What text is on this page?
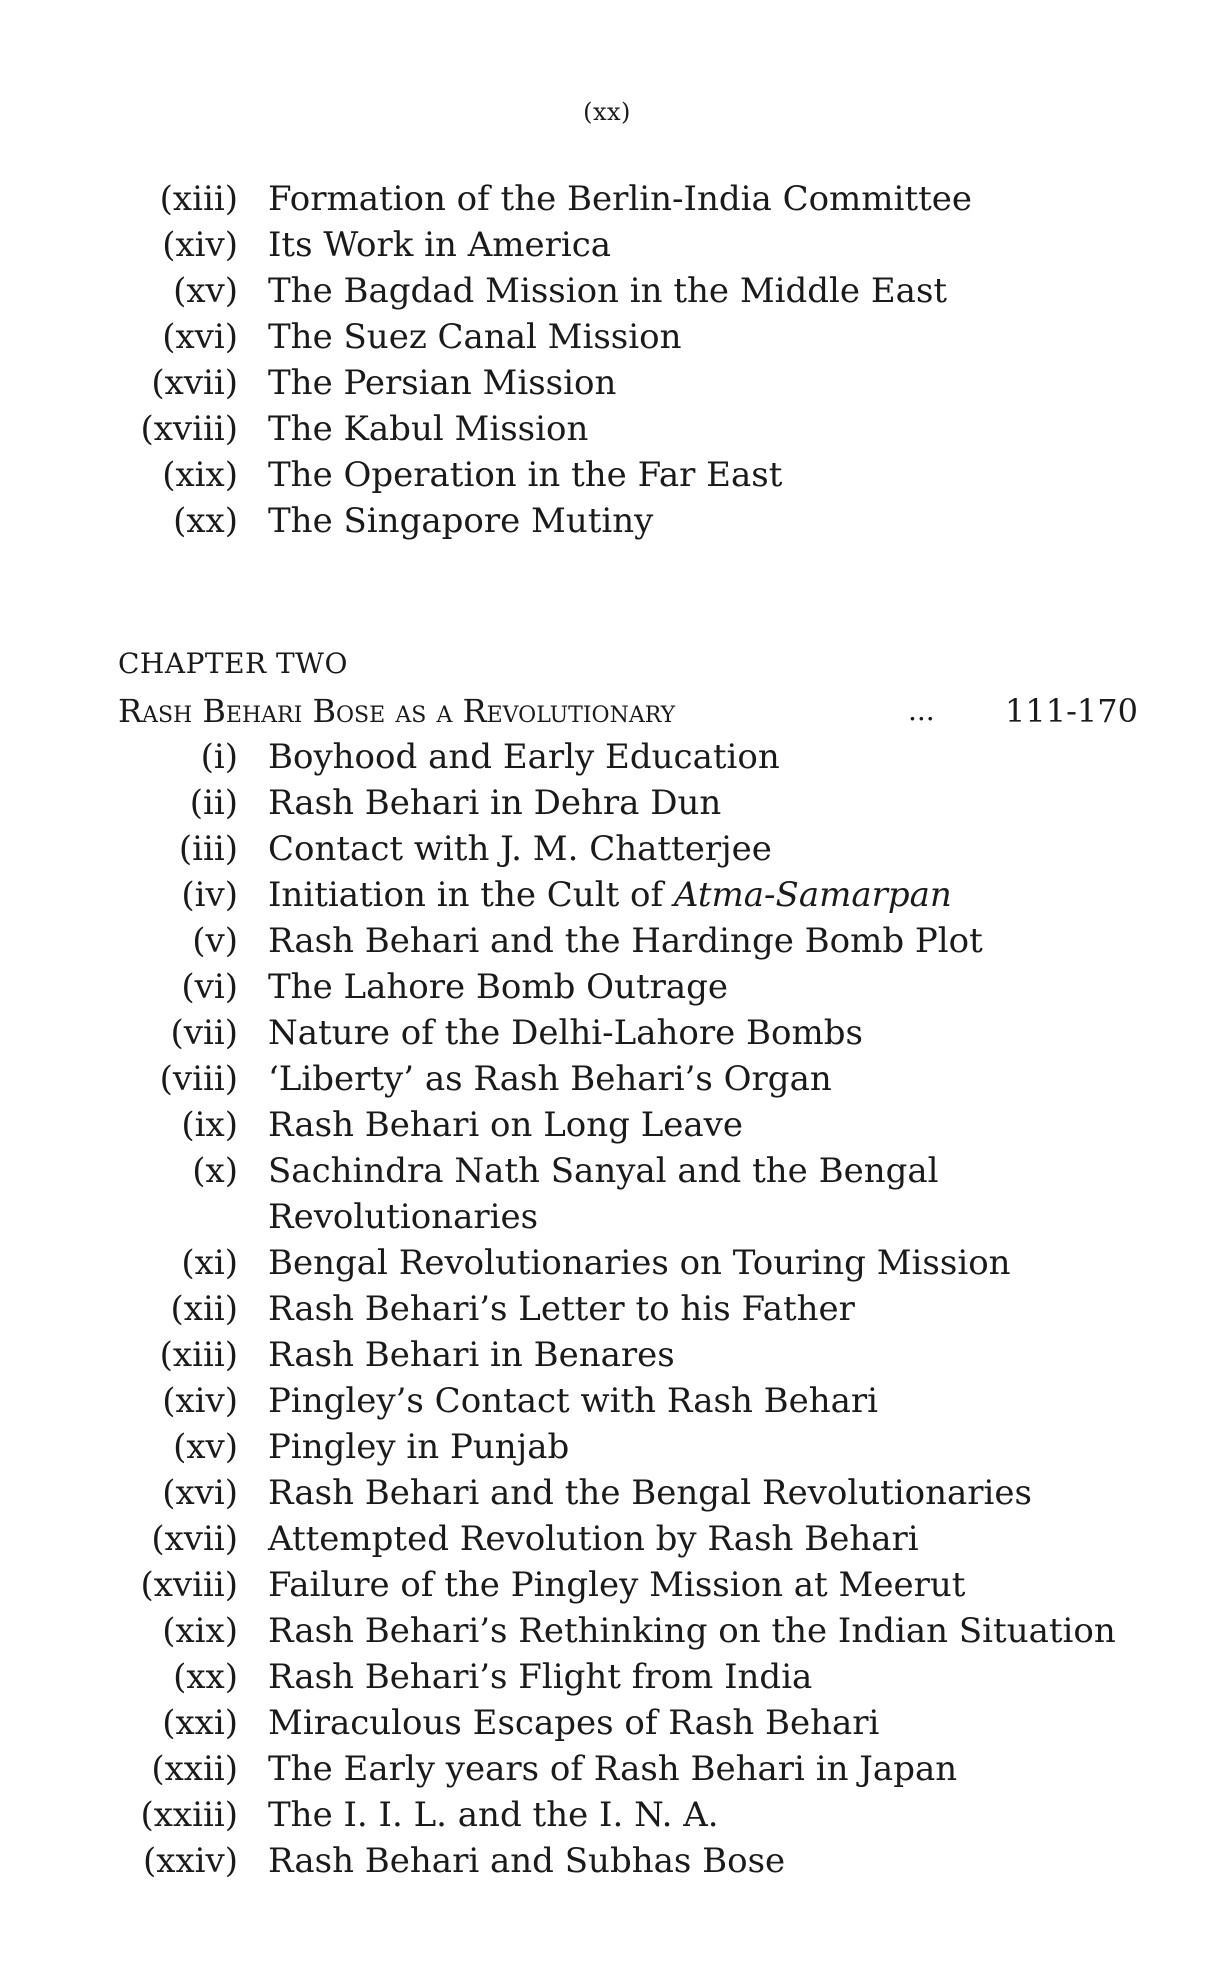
(xx)
(xiii) Formation of the Berlin-India Committee
(xiv) Its Work in America
(xv) The Bagdad Mission in the Middle East
(xvi) The Suez Canal Mission
(xvii) The Persian Mission
(xviii) The Kabul Mission
(xix) The Operation in the Far East
(xx) The Singapore Mutiny
CHAPTER TWO
Rash Behari Bose as a Revolutionary	... 111-170
(i) Boyhood and Early Education
(ii) Rash Behari in Dehra Dun
(iii) Contact with J. M. Chatterjee
(iv) Initiation in the Cult of Atma-Samarpan
(v) Rash Behari and the Hardinge Bomb Plot
(vi) The Lahore Bomb Outrage
(vii) Nature of the Delhi-Lahore Bombs
(viii) ‘Liberty’ as Rash Behari’s Organ
(ix) Rash Behari on Long Leave
(x) Sachindra Nath Sanyal and the Bengal
Revolutionaries
(xi) Bengal Revolutionaries on Touring Mission
(xii) Rash Behari’s Letter to his Father
(xiii) Rash Behari in Benares
(xiv) Pingley’s Contact with Rash Behari
(xv) Pingley in Punjab
(xvi) Rash Behari and the Bengal Revolutionaries
(xvii) Attempted Revolution by Rash Behari
(xviii) Failure of the Pingley Mission at Meerut
(xix) Rash Behari’s Rethinking on the Indian Situation
(xx) Rash Behari’s Flight from India
(xxi) Miraculous Escapes of Rash Behari
(xxii) The Early years of Rash Behari in Japan
(xxiii) The I. I. L. and the I. N. A.
(xxiv) Rash Behari and Subhas Bose
